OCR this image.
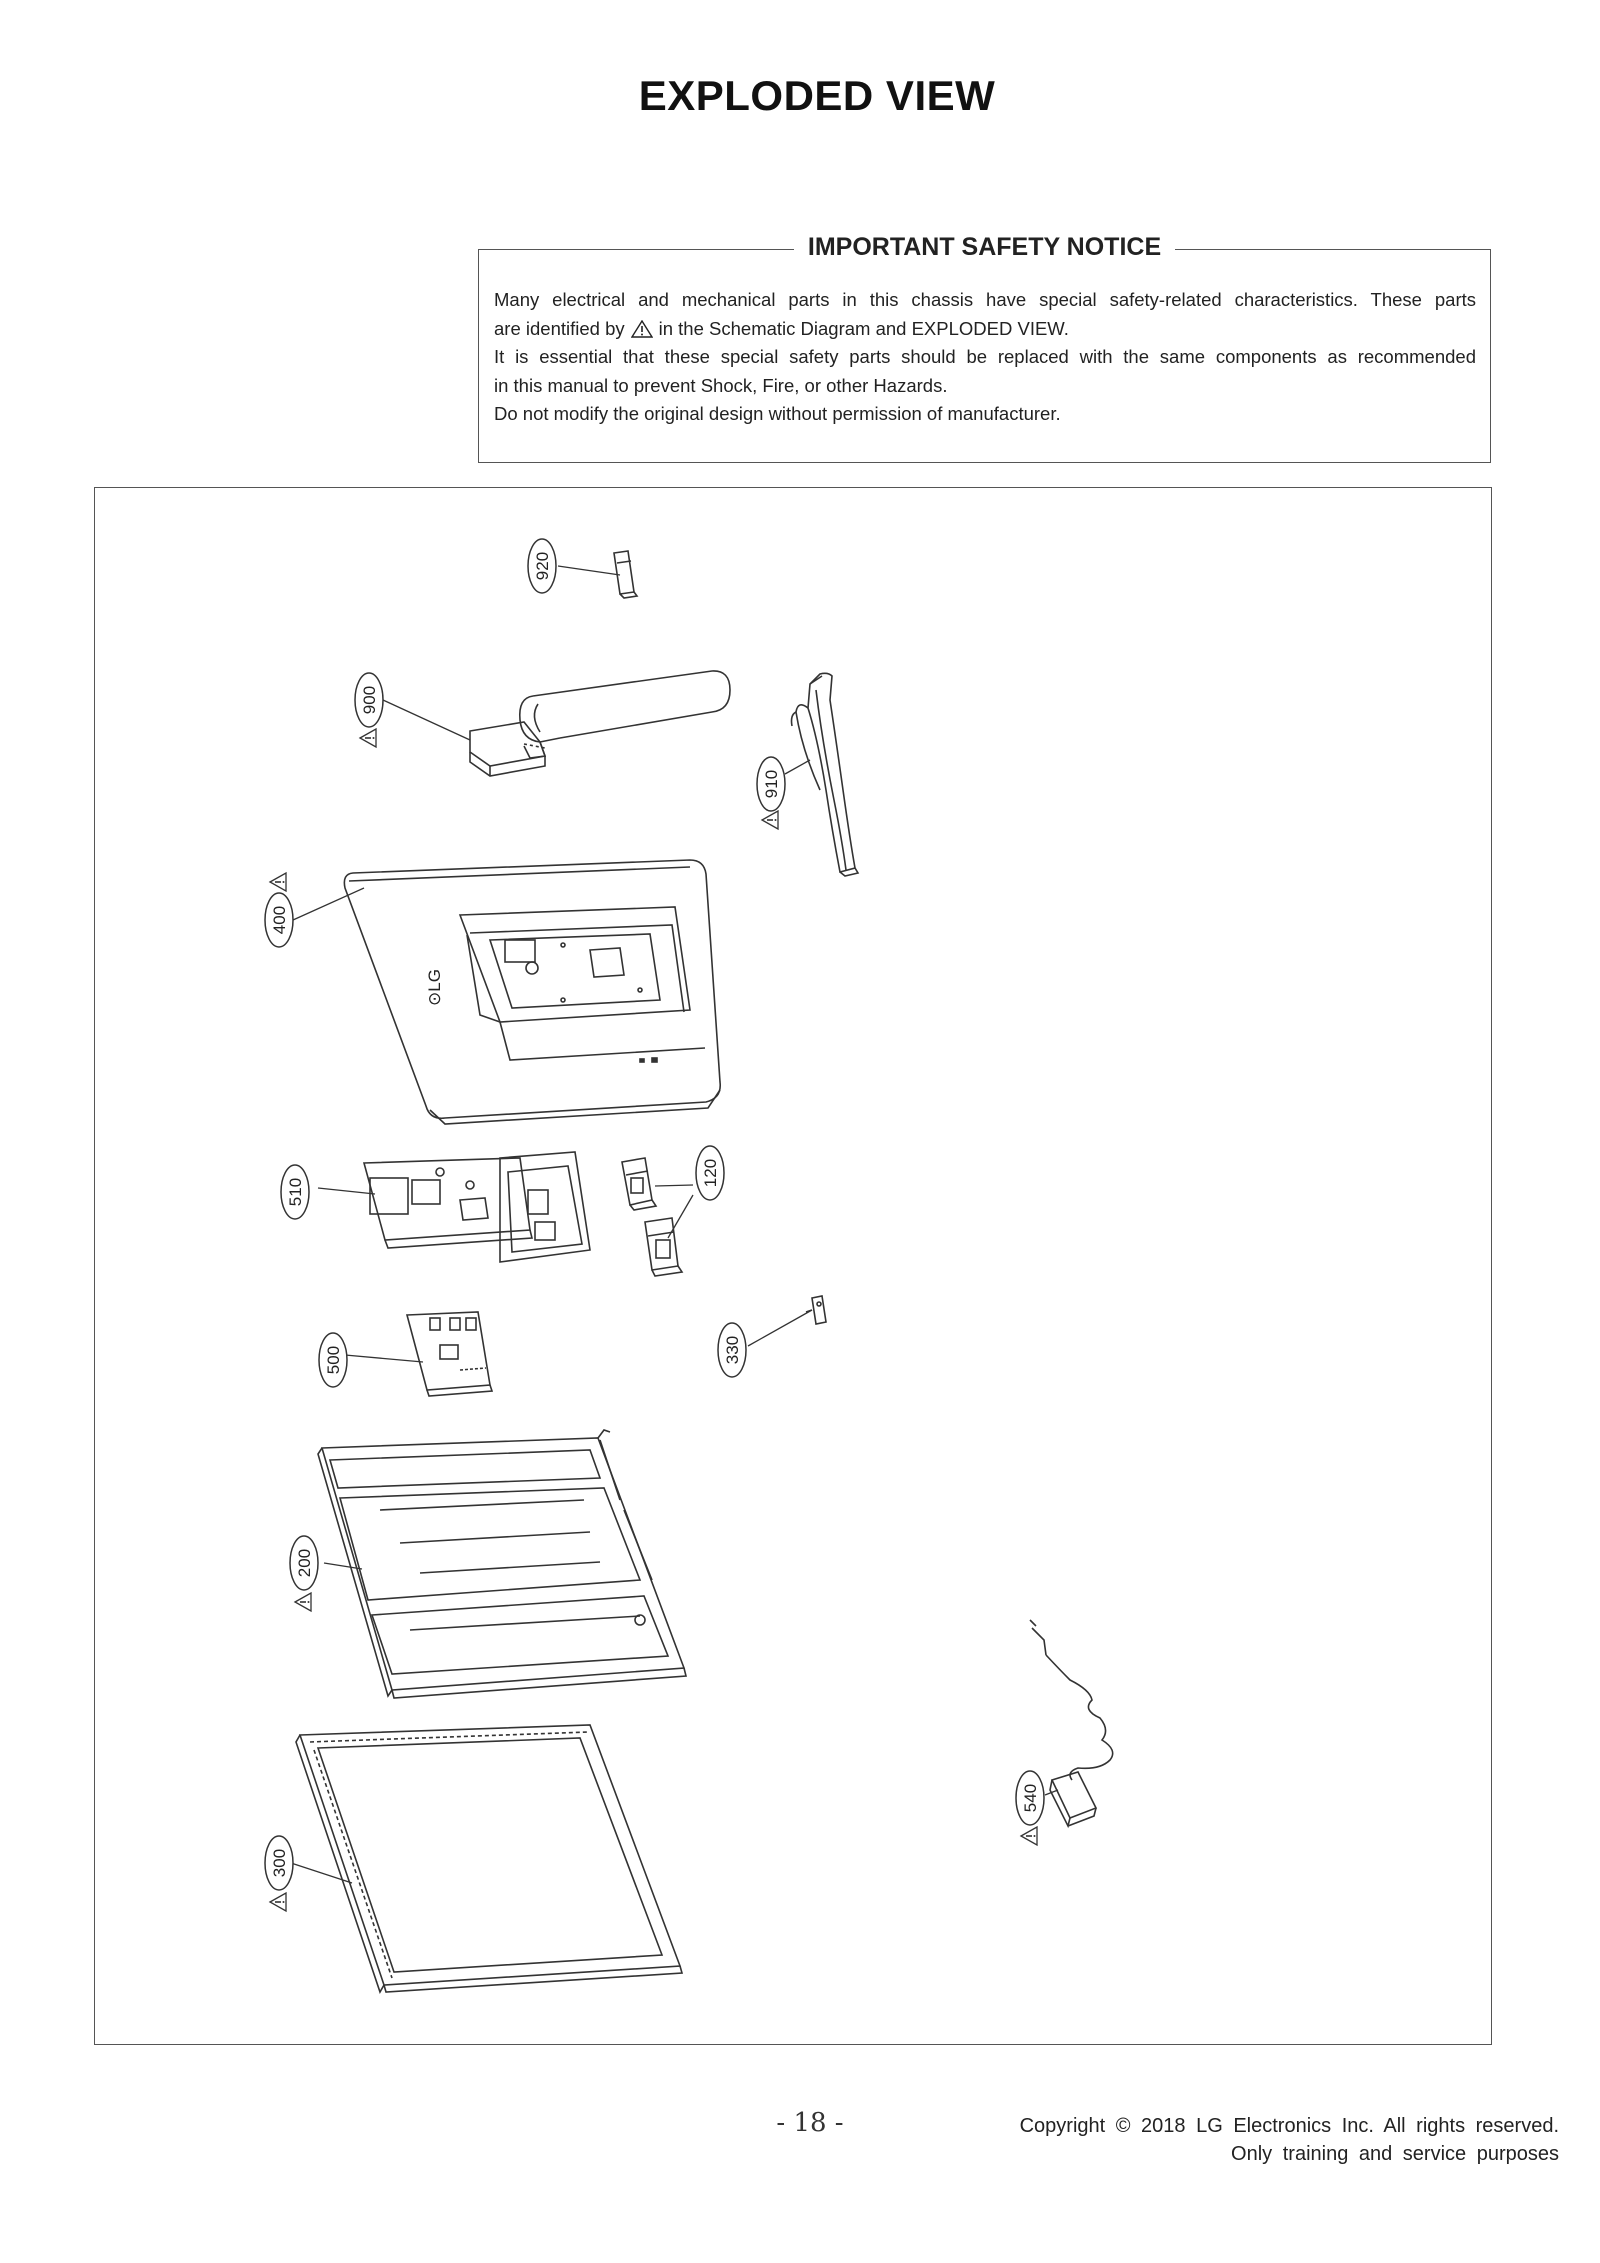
EXPLODED VIEW
IMPORTANT SAFETY NOTICE
Many electrical and mechanical parts in this chassis have special safety-related characteristics. These parts
are identified by in the Schematic Diagram and EXPLODED VIEW.
It is essential that these special safety parts should be replaced with the same components as recommended
in this manual to prevent Shock, Fire, or other Hazards.
Do not modify the original design without permission of manufacturer.
⊙LG
920
900
910
400
510
120
500	330
200
540
300
- 18 -	Copyright © 2018 LG Electronics Inc. All rights reserved.
Only training and service purposes
